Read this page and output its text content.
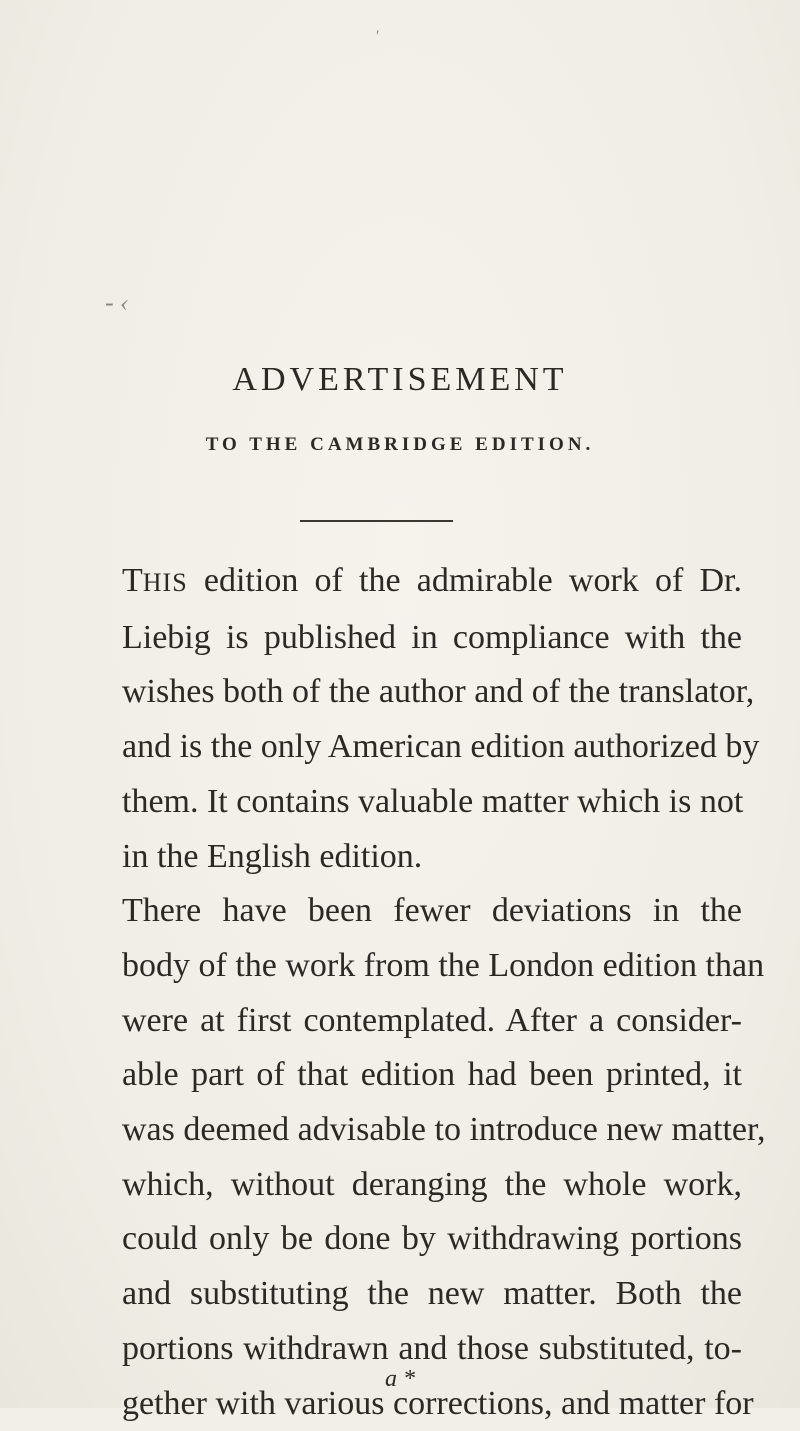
′
- ‹
ADVERTISEMENT
TO THE CAMBRIDGE EDITION.
THIS edition of the admirable work of Dr.
Liebig is published in compliance with the
wishes both of the author and of the translator,
and is the only American edition authorized by
them. It contains valuable matter which is not
in the English edition.
There have been fewer deviations in the
body of the work from the London edition than
were at first contemplated. After a consider-
able part of that edition had been printed, it
was deemed advisable to introduce new matter,
which, without deranging the whole work,
could only be done by withdrawing portions
and substituting the new matter. Both the
portions withdrawn and those substituted, to-
gether with various corrections, and matter for
a *
